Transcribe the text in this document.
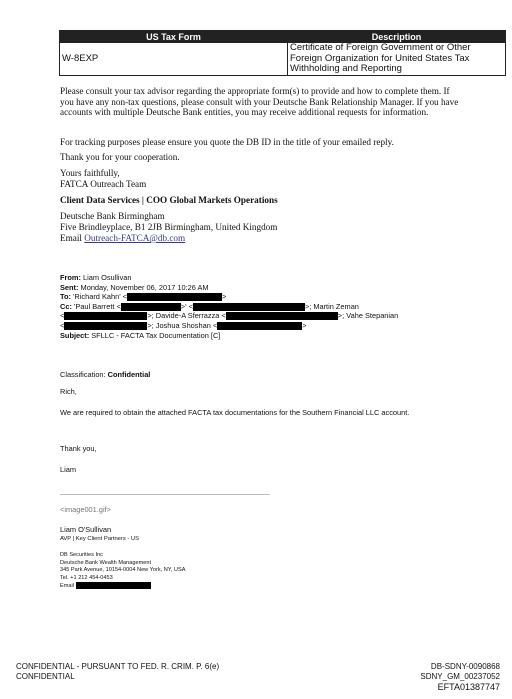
US Tax Form	Description
W-8EXP	Certificate of Foreign Government or Other Foreign Organization for United States Tax Withholding and Reporting
Please consult your tax advisor regarding the appropriate form(s) to provide and how to complete them. If you have any non-tax questions, please consult with your Deutsche Bank Relationship Manager. If you have accounts with multiple Deutsche Bank entities, you may receive additional requests for information.
For tracking purposes please ensure you quote the DB ID in the title of your emailed reply.
Thank you for your cooperation.
Yours faithfully,
FATCA Outreach Team
Client Data Services | COO Global Markets Operations
Deutsche Bank Birmingham
Five Brindleyplace, B1 2JB Birmingham, United Kingdom
Email Outreach-FATCA@db.com
From: Liam Osullivan
Sent: Monday, November 06, 2017 10:26 AM
To: 'Richard Kahn' <	>
Cc: 'Paul Barrett <	>' <	>; Martin Zeman
<	>; Davide-A Sferrazza <	>; Vahe Stepanian
<	>; Joshua Shoshan <	>
Subject: SFLLC - FACTA Tax Documentation [C]
Classification: Confidential
Rich,
We are required to obtain the attached FACTA tax documentations for the Southern Financial LLC account.
Thank you,
Liam
<image001.gif>
Liam O'Sullivan
AVP | Key Client Partners - US
DB Securities Inc
Deutsche Bank Wealth Management
345 Park Avenue, 10154-0004 New York, NY, USA
Tel. +1 212 454-0453
Email
CONFIDENTIAL - PURSUANT TO FED. R. CRIM. P. 6(e)
CONFIDENTIAL
DB-SDNY-0090868
SDNY_GM_00237052
EFTA01387747
